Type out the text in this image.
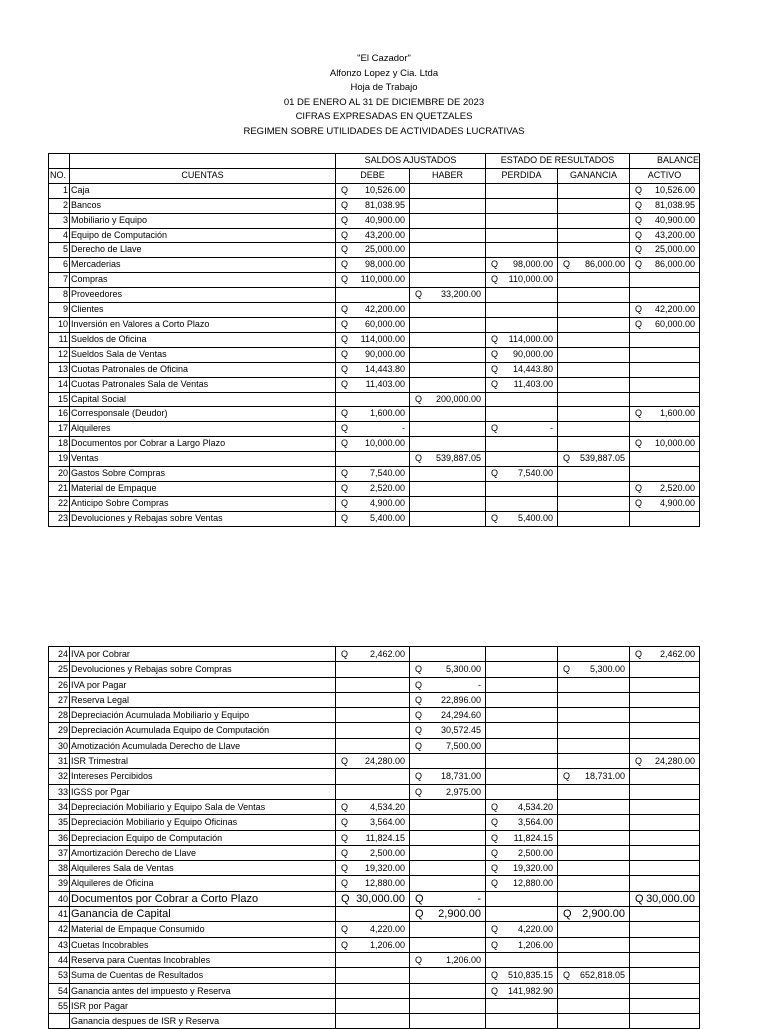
"El Cazador"
Alfonzo Lopez y Cia. Ltda
Hoja de Trabajo
01 DE ENERO AL 31 DE DICIEMBRE DE 2023
CIFRAS EXPRESADAS EN QUETZALES
REGIMEN SOBRE UTILIDADES DE ACTIVIDADES LUCRATIVAS
		SALDOS AJUSTADOS		ESTADO DE RESULTADOS		BALANCE
NO.	CUENTAS	DEBE	HABER	PERDIDA	GANANCIA	ACTIVO
1	Caja	Q 10,526.00				Q 10,526.00

2	Bancos	Q 81,038.95				Q 81,038.95

3	Mobiliario y Equipo	Q 40,900.00				Q 40,900.00

4	Equipo de Computación	Q 43,200.00				Q 43,200.00

5	Derecho de Llave	Q 25,000.00				Q 25,000.00

6	Mercaderias	Q 98,000.00		Q 98,000.00	Q 86,000.00	Q 86,000.00

7	Compras	Q 110,000.00		Q 110,000.00		

8	Proveedores		Q 33,200.00			

9	Clientes	Q 42,200.00				Q 42,200.00

10	Inversión en Valores a Corto Plazo	Q 60,000.00				Q 60,000.00

11	Sueldos de Oficina	Q 114,000.00		Q 114,000.00		

12	Sueldos Sala de Ventas	Q 90,000.00		Q 90,000.00		

13	Cuotas Patronales de Oficina	Q 14,443.80		Q 14,443.80		

14	Cuotas Patronales Sala de Ventas	Q 11,403.00		Q 11,403.00		

15	Capital Social		Q 200,000.00			

16	Corresponsale (Deudor)	Q 1,600.00				Q 1,600.00

17	Alquileres	Q -		Q -		

18	Documentos por Cobrar a Largo Plazo	Q 10,000.00				Q 10,000.00

19	Ventas		Q 539,887.05		Q 539,887.05	

20	Gastos Sobre Compras	Q 7,540.00		Q 7,540.00		

21	Material de Empaque	Q 2,520.00				Q 2,520.00

22	Anticipo Sobre Compras	Q 4,900.00				Q 4,900.00

23	Devoluciones y Rebajas sobre Ventas	Q 5,400.00		Q 5,400.00		

24	IVA por Cobrar	Q 2,462.00				Q 2,462.00

25	Devoluciones y Rebajas sobre Compras		Q 5,300.00		Q 5,300.00	

26	IVA por Pagar		Q -			

27	Reserva Legal		Q 22,896.00			

28	Depreciación Acumulada Mobiliario y Equipo		Q 24,294.60			

29	Depreciación Acumulada Equipo de Computación		Q 30,572.45			

30	Amotización Acumulada Derecho de Llave		Q 7,500.00			

31	ISR Trimestral	Q 24,280.00				Q 24,280.00

32	Intereses Percibidos		Q 18,731.00		Q 18,731.00	

33	IGSS por Pgar		Q 2,975.00			

34	Depreciación Mobiliario y Equipo Sala de Ventas	Q 4,534.20		Q 4,534.20		

35	Depreciación Mobiliario y Equipo Oficinas	Q 3,564.00		Q 3,564.00		

36	Depreciacion Equipo de Computación	Q 11,824.15		Q 11,824.15		

37	Amortización Derecho de Llave	Q 2,500.00		Q 2,500.00		

38	Alquileres Sala de Ventas	Q 19,320.00		Q 19,320.00		

39	Alquileres de Oficina	Q 12,880.00		Q 12,880.00		

40	Documentos por Cobrar a Corto Plazo	Q 30,000.00	Q -			Q 30,000.00

41	Ganancia de Capital		Q 2,900.00		Q 2,900.00	

42	Material de Empaque Consumido	Q 4,220.00		Q 4,220.00		

43	Cuetas Incobrables	Q 1,206.00		Q 1,206.00		

44	Reserva para Cuentas Incobrables		Q 1,206.00			

53	Suma de Cuentas de Resultados			Q 510,835.15	Q 652,818.05	

54	Ganancia antes del impuesto y Reserva			Q 141,982.90		

55	ISR por Pagar					
	Ganancia despues de ISR y Reserva					
